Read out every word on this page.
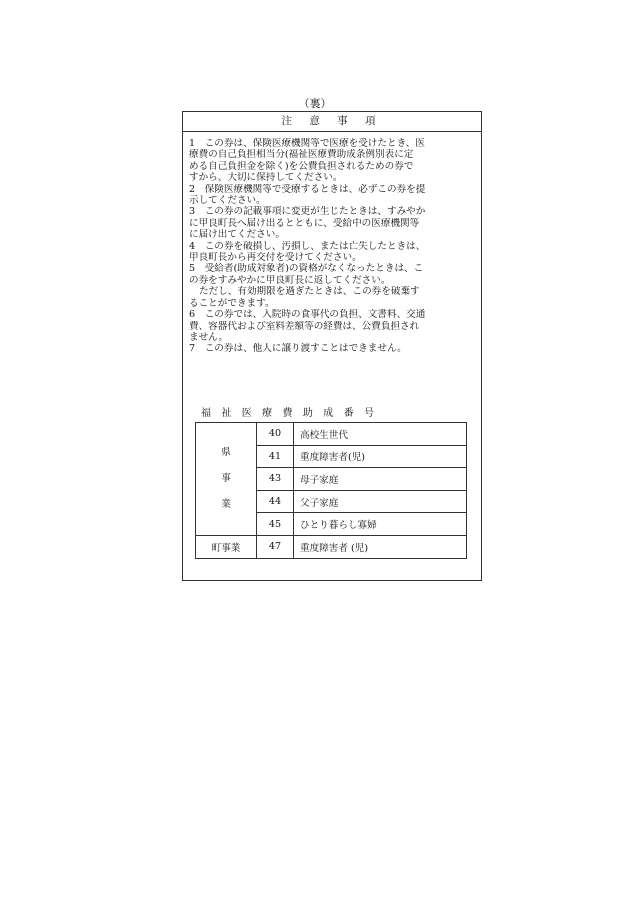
（裏）
注 意 事 項
1　この券は、保険医療機関等で医療を受けたとき、医
療費の自己負担相当分(福祉医療費助成条例別表に定
める自己負担金を除く)を公費負担されるための券で
すから、大切に保持してください。
2　保険医療機関等で受療するときは、必ずこの券を提
示してください。
3　この券の記載事項に変更が生じたときは、すみやか
に甲良町長へ届け出るとともに、受給中の医療機関等
に届け出てください。
4　この券を破損し、汚損し、または亡失したときは、
甲良町長から再交付を受けてください。
5　受給者(助成対象者)の資格がなくなったときは、こ
の券をすみやかに甲良町長に返してください。
ただし、有効期限を過ぎたときは、この券を破棄す
ることができます。
6　この券では、入院時の食事代の負担、文書料、交通
費、容器代および室料差額等の経費は、公費負担され
ません。
7　この券は、他人に譲り渡すことはできません。
福 祉 医 療 費 助 成 番 号
県
事
業	40	高校生世代
	41	重度障害者(児)
	43	母子家庭
	44	父子家庭
	45	ひとり暮らし寡婦
町事業	47	重度障害者 (児)
